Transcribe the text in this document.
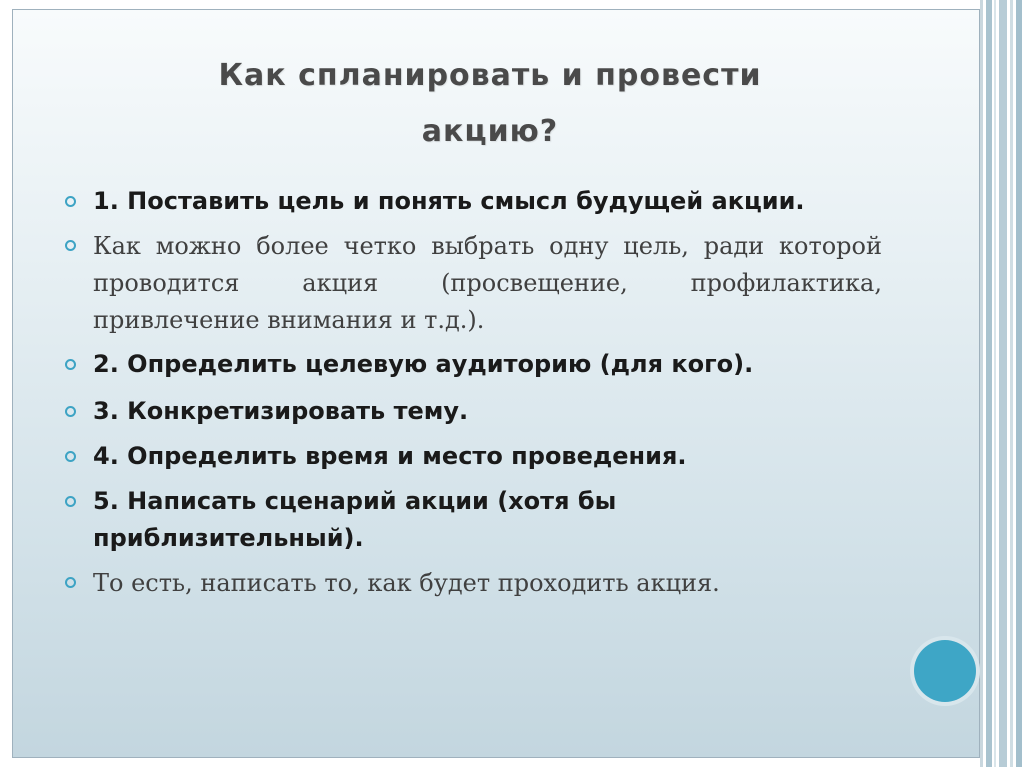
Как спланировать и провести
акцию?
1. Поставить цель и понять смысл будущей акции.
Как можно более четко выбрать одну цель, ради которой проводится акция (просвещение, профилактика, привлечение внимания и т.д.).
2. Определить целевую аудиторию (для кого).
3. Конкретизировать тему.
4. Определить время и место проведения.
5. Написать сценарий акции (хотя бы приблизительный).
То есть, написать то, как будет проходить акция.
